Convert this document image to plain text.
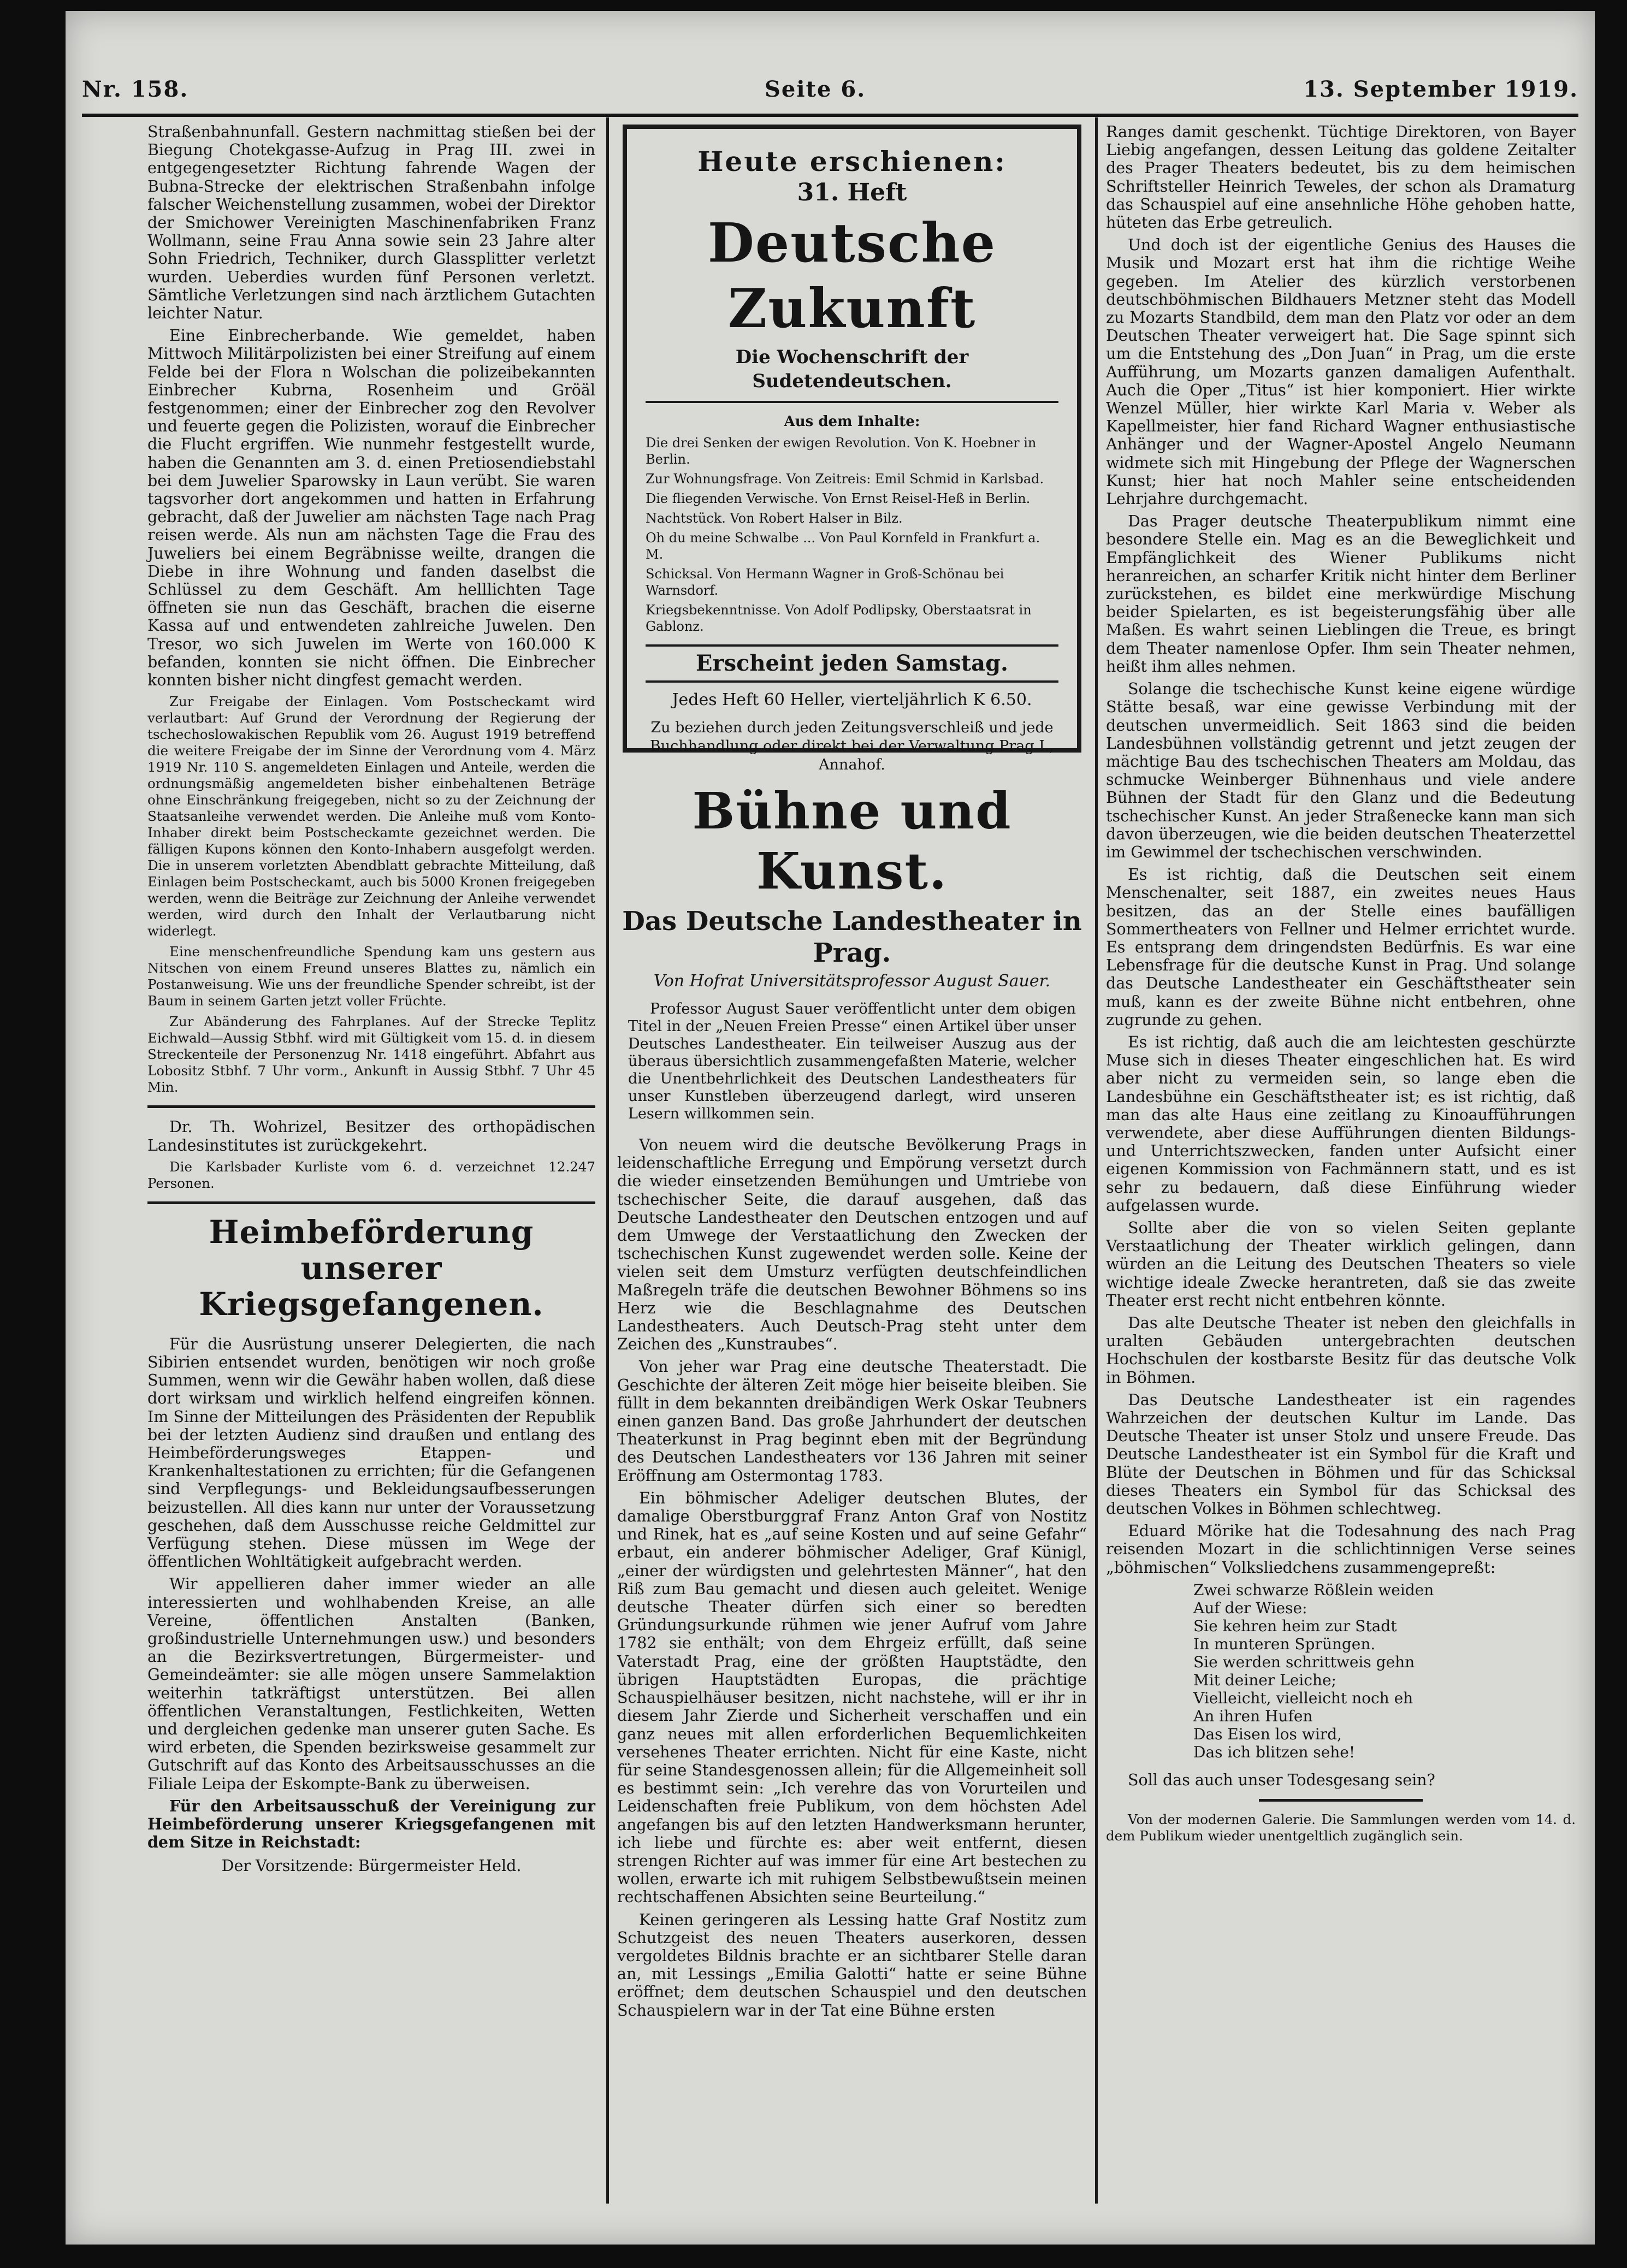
Nr. 158.	Seite 6.	13. September 1919.

Straßenbahnunfall. Gestern nachmittag stießen bei der Biegung Chotekgasse-Aufzug in Prag III. zwei in entgegengesetzter Richtung fahrende Wagen der Bubna-Strecke der elektrischen Straßenbahn infolge falscher Weichenstellung zusammen, wobei der Direktor der Smichower Vereinigten Maschinenfabriken Franz Wollmann, seine Frau Anna sowie sein 23 Jahre alter Sohn Friedrich, Techniker, durch Glassplitter verletzt wurden. Ueberdies wurden fünf Personen verletzt. Sämtliche Verletzungen sind nach ärztlichem Gutachten leichter Natur.

Eine Einbrecherbande. Wie gemeldet, haben Mittwoch Militärpolizisten bei einer Streifung auf einem Felde bei der Flora n Wolschan die polizeibekannten Einbrecher Kubrna, Rosenheim und Gröäl festgenommen; einer der Einbrecher zog den Revolver und feuerte gegen die Polizisten, worauf die Einbrecher die Flucht ergriffen. Wie nunmehr festgestellt wurde, haben die Genannten am 3. d. einen Pretiosendiebstahl bei dem Juwelier Sparowsky in Laun verübt. Sie waren tagsvorher dort angekommen und hatten in Erfahrung gebracht, daß der Juwelier am nächsten Tage nach Prag reisen werde. Als nun am nächsten Tage die Frau des Juweliers bei einem Begräbnisse weilte, drangen die Diebe in ihre Wohnung und fanden daselbst die Schlüssel zu dem Geschäft. Am helllichten Tage öffneten sie nun das Geschäft, brachen die eiserne Kassa auf und entwendeten zahlreiche Juwelen. Den Tresor, wo sich Juwelen im Werte von 160.000 K befanden, konnten sie nicht öffnen. Die Einbrecher konnten bisher nicht dingfest gemacht werden.

Zur Freigabe der Einlagen. Vom Postscheckamt wird verlautbart: Auf Grund der Verordnung der Regierung der tschechoslowakischen Republik vom 26. August 1919 betreffend die weitere Freigabe der im Sinne der Verordnung vom 4. März 1919 Nr. 110 S. angemeldeten Einlagen und Anteile, werden die ordnungsmäßig angemeldeten bisher einbehaltenen Beträge ohne Einschränkung freigegeben, nicht so zu der Zeichnung der Staatsanleihe verwendet werden. Die Anleihe muß vom Konto-Inhaber direkt beim Postscheckamte gezeichnet werden. Die fälligen Kupons können den Konto-Inhabern ausgefolgt werden. Die in unserem vorletzten Abendblatt gebrachte Mitteilung, daß Einlagen beim Postscheckamt, auch bis 5000 Kronen freigegeben werden, wenn die Beiträge zur Zeichnung der Anleihe verwendet werden, wird durch den Inhalt der Verlautbarung nicht widerlegt.

Eine menschenfreundliche Spendung kam uns gestern aus Nitschen von einem Freund unseres Blattes zu, nämlich ein Postanweisung. Wie uns der freundliche Spender schreibt, ist der Baum in seinem Garten jetzt voller Früchte.

Zur Abänderung des Fahrplanes. Auf der Strecke Teplitz Eichwald—Aussig Stbhf. wird mit Gültigkeit vom 15. d. in diesem Streckenteile der Personenzug Nr. 1418 eingeführt. Abfahrt aus Lobositz Stbhf. 7 Uhr vorm., Ankunft in Aussig Stbhf. 7 Uhr 45 Min.

Dr. Th. Wohrizel, Besitzer des orthopädischen Landesinstitutes ist zurückgekehrt.

Die Karlsbader Kurliste vom 6. d. verzeichnet 12.247 Personen.

Heimbeförderung unserer Kriegsgefangenen.

Für die Ausrüstung unserer Delegierten, die nach Sibirien entsendet wurden, benötigen wir noch große Summen, wenn wir die Gewähr haben wollen, daß diese dort wirksam und wirklich helfend eingreifen können. Im Sinne der Mitteilungen des Präsidenten der Republik bei der letzten Audienz sind draußen und entlang des Heimbeförderungsweges Etappen- und Krankenhaltestationen zu errichten; für die Gefangenen sind Verpflegungs- und Bekleidungsaufbesserungen beizustellen. All dies kann nur unter der Voraussetzung geschehen, daß dem Ausschusse reiche Geldmittel zur Verfügung stehen. Diese müssen im Wege der öffentlichen Wohltätigkeit aufgebracht werden.

Wir appellieren daher immer wieder an alle interessierten und wohlhabenden Kreise, an alle Vereine, öffentlichen Anstalten (Banken, großindustrielle Unternehmungen usw.) und besonders an die Bezirksvertretungen, Bürgermeister- und Gemeindeämter: sie alle mögen unsere Sammelaktion weiterhin tatkräftigst unterstützen. Bei allen öffentlichen Veranstaltungen, Festlichkeiten, Wetten und dergleichen gedenke man unserer guten Sache. Es wird erbeten, die Spenden bezirksweise gesammelt zur Gutschrift auf das Konto des Arbeitsausschusses an die Filiale Leipa der Eskompte-Bank zu überweisen.

Für den Arbeitsausschuß der Vereinigung zur Heimbeförderung unserer Kriegsgefangenen mit dem Sitze in Reichstadt:

Der Vorsitzende: Bürgermeister Held.

Heute erschienen:
31. Heft
Deutsche Zukunft
Die Wochenschrift der Sudetendeutschen.
Aus dem Inhalte:
Die drei Senken der ewigen Revolution. Von K. Hoebner in Berlin.
Zur Wohnungsfrage. Von Zeitreis: Emil Schmid in Karlsbad.
Die fliegenden Verwische. Von Ernst Reisel-Heß in Berlin.
Nachtstück. Von Robert Halser in Bilz.
Oh du meine Schwalbe ... Von Paul Kornfeld in Frankfurt a. M.
Schicksal. Von Hermann Wagner in Groß-Schönau bei Warnsdorf.
Kriegsbekenntnisse. Von Adolf Podlipsky, Oberstaatsrat in Gablonz.
Erscheint jeden Samstag.
Jedes Heft 60 Heller, vierteljährlich K 6.50.
Zu beziehen durch jeden Zeitungsverschleiß und jede Buchhandlung oder direkt bei der Verwaltung Prag I., Annahof.
Bühne und Kunst.
Das Deutsche Landestheater in Prag.
Von Hofrat Universitätsprofessor August Sauer.

Professor August Sauer veröffentlicht unter dem obigen Titel in der „Neuen Freien Presse“ einen Artikel über unser Deutsches Landestheater. Ein teilweiser Auszug aus der überaus übersichtlich zusammengefaßten Materie, welcher die Unentbehrlichkeit des Deutschen Landestheaters für unser Kunstleben überzeugend darlegt, wird unseren Lesern willkommen sein.

Von neuem wird die deutsche Bevölkerung Prags in leidenschaftliche Erregung und Empörung versetzt durch die wieder einsetzenden Bemühungen und Umtriebe von tschechischer Seite, die darauf ausgehen, daß das Deutsche Landestheater den Deutschen entzogen und auf dem Umwege der Verstaatlichung den Zwecken der tschechischen Kunst zugewendet werden solle. Keine der vielen seit dem Umsturz verfügten deutschfeindlichen Maßregeln träfe die deutschen Bewohner Böhmens so ins Herz wie die Beschlagnahme des Deutschen Landestheaters. Auch Deutsch-Prag steht unter dem Zeichen des „Kunstraubes“.

Von jeher war Prag eine deutsche Theaterstadt. Die Geschichte der älteren Zeit möge hier beiseite bleiben. Sie füllt in dem bekannten dreibändigen Werk Oskar Teubners einen ganzen Band. Das große Jahrhundert der deutschen Theaterkunst in Prag beginnt eben mit der Begründung des Deutschen Landestheaters vor 136 Jahren mit seiner Eröffnung am Ostermontag 1783.

Ein böhmischer Adeliger deutschen Blutes, der damalige Oberstburggraf Franz Anton Graf von Nostitz und Rinek, hat es „auf seine Kosten und auf seine Gefahr“ erbaut, ein anderer böhmischer Adeliger, Graf Künigl, „einer der würdigsten und gelehrtesten Männer“, hat den Riß zum Bau gemacht und diesen auch geleitet. Wenige deutsche Theater dürfen sich einer so beredten Gründungsurkunde rühmen wie jener Aufruf vom Jahre 1782 sie enthält; von dem Ehrgeiz erfüllt, daß seine Vaterstadt Prag, eine der größten Hauptstädte, den übrigen Hauptstädten Europas, die prächtige Schauspielhäuser besitzen, nicht nachstehe, will er ihr in diesem Jahr Zierde und Sicherheit verschaffen und ein ganz neues mit allen erforderlichen Bequemlichkeiten versehenes Theater errichten. Nicht für eine Kaste, nicht für seine Standesgenossen allein; für die Allgemeinheit soll es bestimmt sein: „Ich verehre das von Vorurteilen und Leidenschaften freie Publikum, von dem höchsten Adel angefangen bis auf den letzten Handwerksmann herunter, ich liebe und fürchte es: aber weit entfernt, diesen strengen Richter auf was immer für eine Art bestechen zu wollen, erwarte ich mit ruhigem Selbstbewußtsein meinen rechtschaffenen Absichten seine Beurteilung.“

Keinen geringeren als Lessing hatte Graf Nostitz zum Schutzgeist des neuen Theaters auserkoren, dessen vergoldetes Bildnis brachte er an sichtbarer Stelle daran an, mit Lessings „Emilia Galotti“ hatte er seine Bühne eröffnet; dem deutschen Schauspiel und den deutschen Schauspielern war in der Tat eine Bühne ersten

Ranges damit geschenkt. Tüchtige Direktoren, von Bayer Liebig angefangen, dessen Leitung das goldene Zeitalter des Prager Theaters bedeutet, bis zu dem heimischen Schriftsteller Heinrich Teweles, der schon als Dramaturg das Schauspiel auf eine ansehnliche Höhe gehoben hatte, hüteten das Erbe getreulich.

Und doch ist der eigentliche Genius des Hauses die Musik und Mozart erst hat ihm die richtige Weihe gegeben. Im Atelier des kürzlich verstorbenen deutschböhmischen Bildhauers Metzner steht das Modell zu Mozarts Standbild, dem man den Platz vor oder an dem Deutschen Theater verweigert hat. Die Sage spinnt sich um die Entstehung des „Don Juan“ in Prag, um die erste Aufführung, um Mozarts ganzen damaligen Aufenthalt. Auch die Oper „Titus“ ist hier komponiert. Hier wirkte Wenzel Müller, hier wirkte Karl Maria v. Weber als Kapellmeister, hier fand Richard Wagner enthusiastische Anhänger und der Wagner-Apostel Angelo Neumann widmete sich mit Hingebung der Pflege der Wagnerschen Kunst; hier hat noch Mahler seine entscheidenden Lehrjahre durchgemacht.

Das Prager deutsche Theaterpublikum nimmt eine besondere Stelle ein. Mag es an die Beweglichkeit und Empfänglichkeit des Wiener Publikums nicht heranreichen, an scharfer Kritik nicht hinter dem Berliner zurückstehen, es bildet eine merkwürdige Mischung beider Spielarten, es ist begeisterungsfähig über alle Maßen. Es wahrt seinen Lieblingen die Treue, es bringt dem Theater namenlose Opfer. Ihm sein Theater nehmen, heißt ihm alles nehmen.

Solange die tschechische Kunst keine eigene würdige Stätte besaß, war eine gewisse Verbindung mit der deutschen unvermeidlich. Seit 1863 sind die beiden Landesbühnen vollständig getrennt und jetzt zeugen der mächtige Bau des tschechischen Theaters am Moldau, das schmucke Weinberger Bühnenhaus und viele andere Bühnen der Stadt für den Glanz und die Bedeutung tschechischer Kunst. An jeder Straßenecke kann man sich davon überzeugen, wie die beiden deutschen Theaterzettel im Gewimmel der tschechischen verschwinden.

Es ist richtig, daß die Deutschen seit einem Menschenalter, seit 1887, ein zweites neues Haus besitzen, das an der Stelle eines baufälligen Sommertheaters von Fellner und Helmer errichtet wurde. Es entsprang dem dringendsten Bedürfnis. Es war eine Lebensfrage für die deutsche Kunst in Prag. Und solange das Deutsche Landestheater ein Geschäftstheater sein muß, kann es der zweite Bühne nicht entbehren, ohne zugrunde zu gehen.

Es ist richtig, daß auch die am leichtesten geschürzte Muse sich in dieses Theater eingeschlichen hat. Es wird aber nicht zu vermeiden sein, so lange eben die Landesbühne ein Geschäftstheater ist; es ist richtig, daß man das alte Haus eine zeitlang zu Kinoaufführungen verwendete, aber diese Aufführungen dienten Bildungs- und Unterrichtszwecken, fanden unter Aufsicht einer eigenen Kommission von Fachmännern statt, und es ist sehr zu bedauern, daß diese Einführung wieder aufgelassen wurde.

Sollte aber die von so vielen Seiten geplante Verstaatlichung der Theater wirklich gelingen, dann würden an die Leitung des Deutschen Theaters so viele wichtige ideale Zwecke herantreten, daß sie das zweite Theater erst recht nicht entbehren könnte.

Das alte Deutsche Theater ist neben den gleichfalls in uralten Gebäuden untergebrachten deutschen Hochschulen der kostbarste Besitz für das deutsche Volk in Böhmen.

Das Deutsche Landestheater ist ein ragendes Wahrzeichen der deutschen Kultur im Lande. Das Deutsche Theater ist unser Stolz und unsere Freude. Das Deutsche Landestheater ist ein Symbol für die Kraft und Blüte der Deutschen in Böhmen und für das Schicksal dieses Theaters ein Symbol für das Schicksal des deutschen Volkes in Böhmen schlechtweg.

Eduard Mörike hat die Todesahnung des nach Prag reisenden Mozart in die schlichtinnigen Verse seines „böhmischen“ Volksliedchens zusammengepreßt:

Zwei schwarze Rößlein weiden
Auf der Wiese:
Sie kehren heim zur Stadt
In munteren Sprüngen.
Sie werden schrittweis gehn
Mit deiner Leiche;
Vielleicht, vielleicht noch eh
An ihren Hufen
Das Eisen los wird,
Das ich blitzen sehe!

Soll das auch unser Todesgesang sein?

Von der modernen Galerie. Die Sammlungen werden vom 14. d. dem Publikum wieder unentgeltlich zugänglich sein.
